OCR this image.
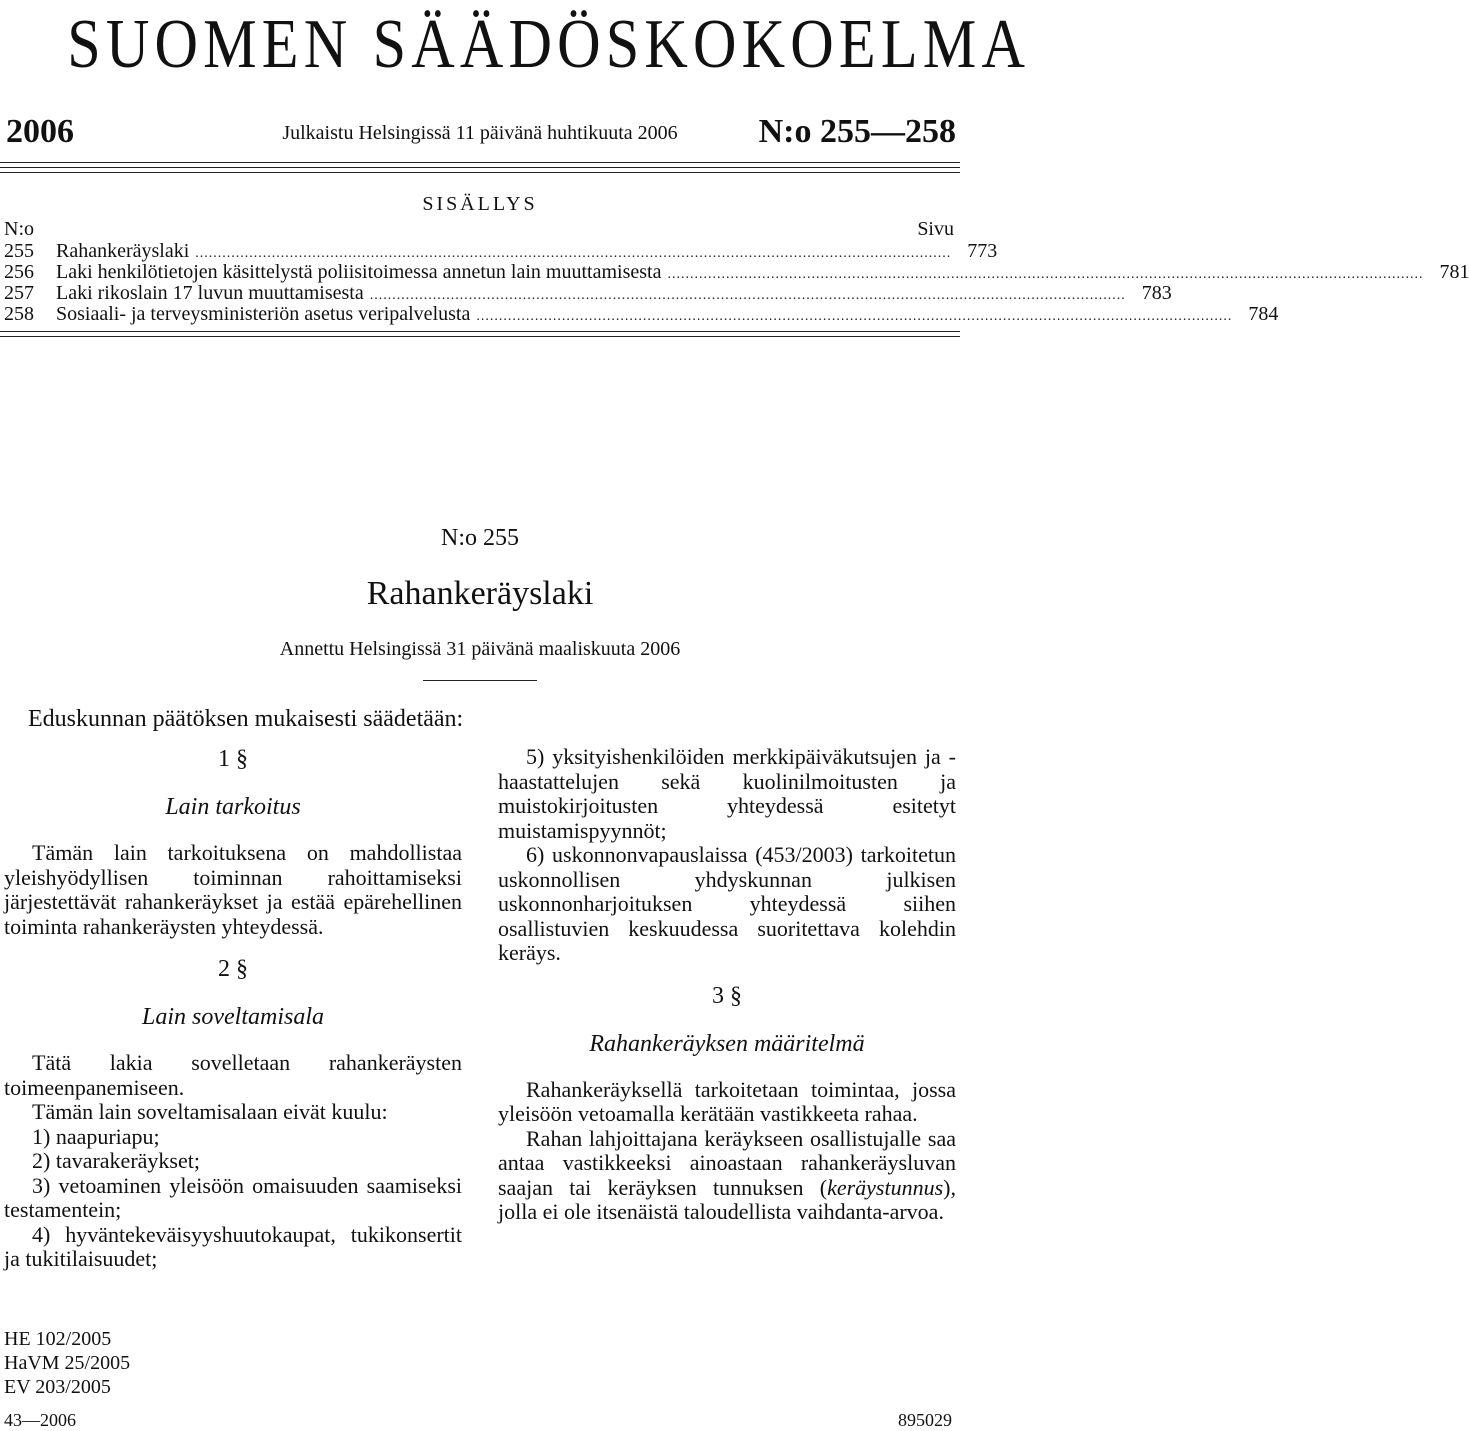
SUOMEN SÄÄDÖSKOKOELMA
2006	Julkaistu Helsingissä 11 päivänä huhtikuuta 2006	N:o 255—258
SISÄLLYS
N:o	Sivu
255	Rahankeräyslaki ........................................................................................................................................................................ 773
256	Laki henkilötietojen käsittelystä poliisitoimessa annetun lain muuttamisesta ........................................................................................................................................................................ 781
257	Laki rikoslain 17 luvun muuttamisesta ........................................................................................................................................................................ 783
258	Sosiaali- ja terveysministeriön asetus veripalvelusta ........................................................................................................................................................................ 784
N:o 255
Rahankeräyslaki
Annettu Helsingissä 31 päivänä maaliskuuta 2006
Eduskunnan päätöksen mukaisesti säädetään:
1 §
Lain tarkoitus

Tämän lain tarkoituksena on mahdollistaa yleishyödyllisen toiminnan rahoittamiseksi järjestettävät rahankeräykset ja estää epärehellinen toiminta rahankeräysten yhteydessä.

2 §
Lain soveltamisala

Tätä lakia sovelletaan rahankeräysten toimeenpanemiseen.

Tämän lain soveltamisalaan eivät kuulu:

1) naapuriapu;

2) tavarakeräykset;

3) vetoaminen yleisöön omaisuuden saamiseksi testamentein;

4) hyväntekeväisyyshuutokaupat, tukikonsertit ja tukitilaisuudet;

5) yksityishenkilöiden merkkipäiväkutsujen ja -haastattelujen sekä kuolinilmoitusten ja muistokirjoitusten yhteydessä esitetyt muistamispyynnöt;

6) uskonnonvapauslaissa (453/2003) tarkoitetun uskonnollisen yhdyskunnan julkisen uskonnonharjoituksen yhteydessä siihen osallistuvien keskuudessa suoritettava kolehdin keräys.

3 §
Rahankeräyksen määritelmä

Rahankeräyksellä tarkoitetaan toimintaa, jossa yleisöön vetoamalla kerätään vastikkeeta rahaa.

Rahan lahjoittajana keräykseen osallistujalle saa antaa vastikkeeksi ainoastaan rahankeräysluvan saajan tai keräyksen tunnuksen (keräystunnus), jolla ei ole itsenäistä taloudellista vaihdanta-arvoa.

HE 102/2005
HaVM 25/2005
EV 203/2005
43—2006	895029
